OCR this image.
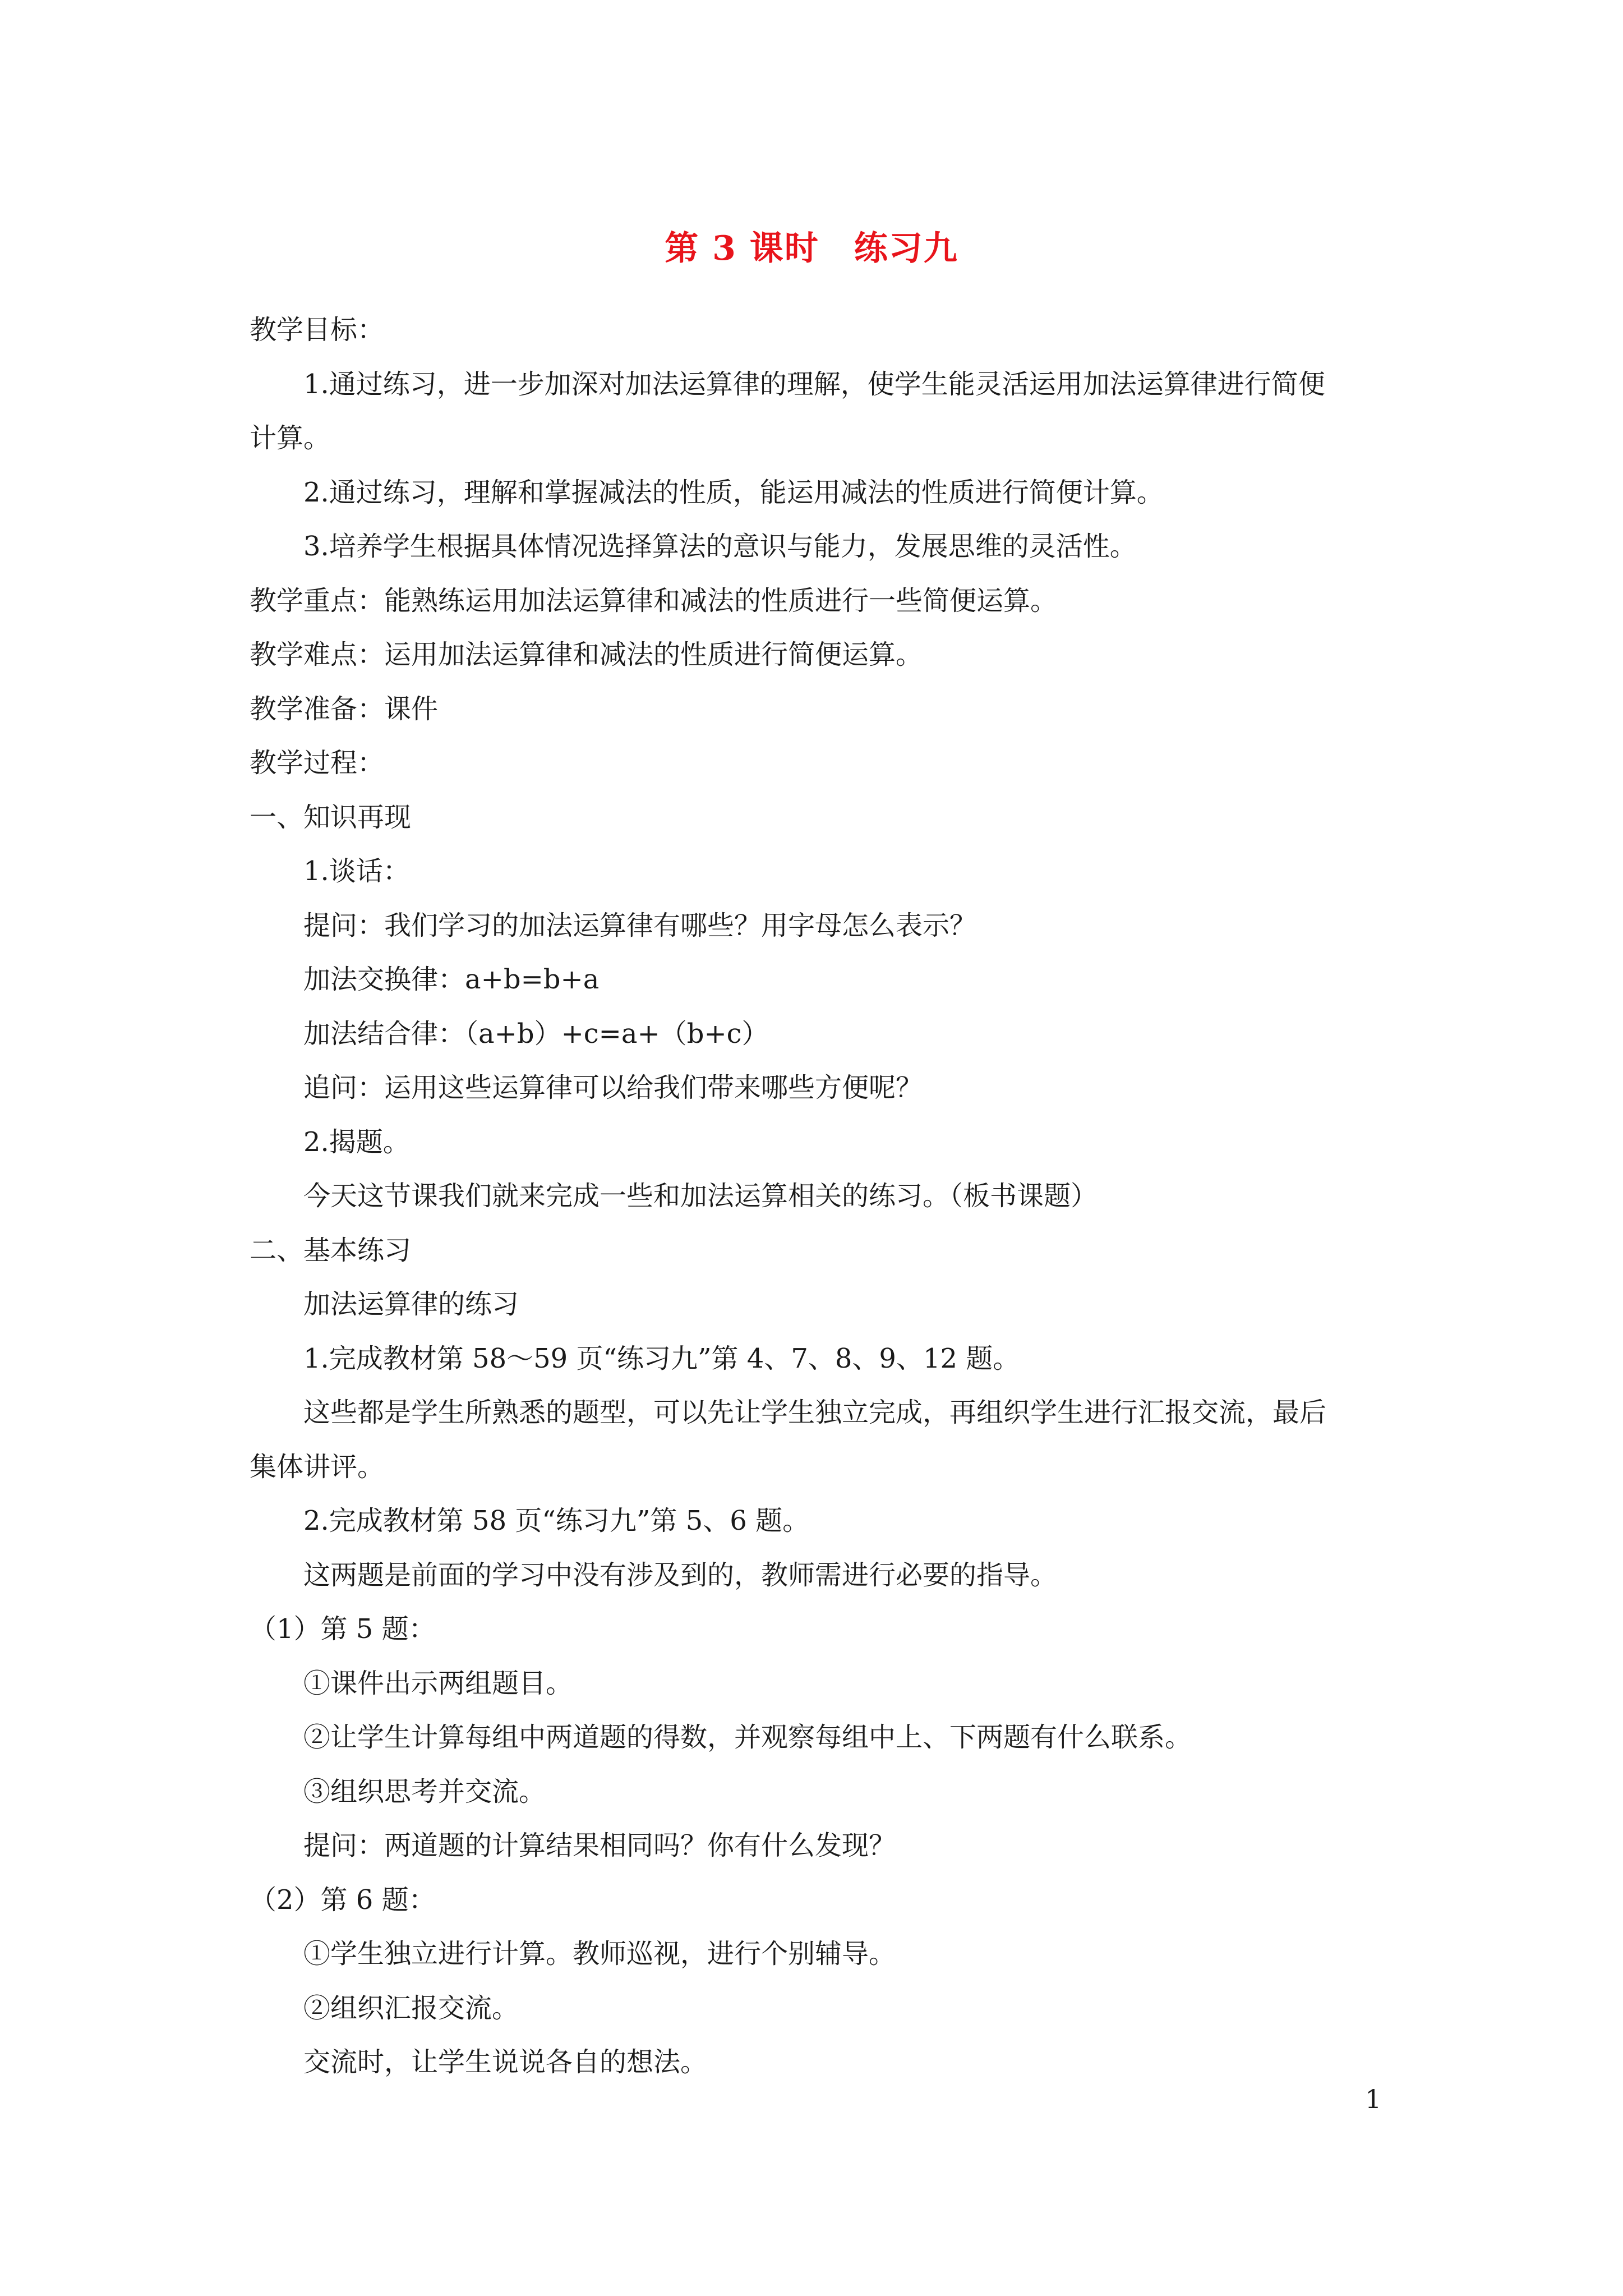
第 3 课时　练习九

教学目标：

1.通过练习，进一步加深对加法运算律的理解，使学生能灵活运用加法运算律进行简便

计算。

2.通过练习，理解和掌握减法的性质，能运用减法的性质进行简便计算。

3.培养学生根据具体情况选择算法的意识与能力，发展思维的灵活性。

教学重点：能熟练运用加法运算律和减法的性质进行一些简便运算。

教学难点：运用加法运算律和减法的性质进行简便运算。

教学准备：课件

教学过程：

一、知识再现

1.谈话：

提问：我们学习的加法运算律有哪些？用字母怎么表示？

加法交换律：a+b=b+a

加法结合律：（a+b）+c=a+（b+c）

追问：运用这些运算律可以给我们带来哪些方便呢？

2.揭题。

今天这节课我们就来完成一些和加法运算相关的练习。（板书课题）

二、基本练习

加法运算律的练习

1.完成教材第 58～59 页“练习九”第 4、7、8、9、12 题。

这些都是学生所熟悉的题型，可以先让学生独立完成，再组织学生进行汇报交流，最后

集体讲评。

2.完成教材第 58 页“练习九”第 5、6 题。

这两题是前面的学习中没有涉及到的，教师需进行必要的指导。

（1）第 5 题：

①课件出示两组题目。

②让学生计算每组中两道题的得数，并观察每组中上、下两题有什么联系。

③组织思考并交流。

提问：两道题的计算结果相同吗？你有什么发现？

（2）第 6 题：

①学生独立进行计算。教师巡视，进行个别辅导。

②组织汇报交流。

交流时，让学生说说各自的想法。

1
